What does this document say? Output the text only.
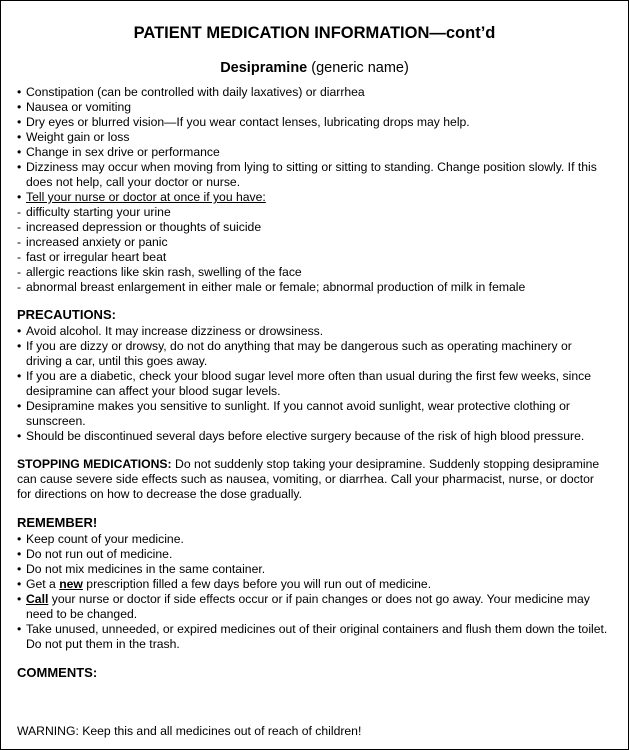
PATIENT MEDICATION INFORMATION—cont’d
Desipramine (generic name)
• Constipation (can be controlled with daily laxatives) or diarrhea
• Nausea or vomiting
• Dry eyes or blurred vision—If you wear contact lenses, lubricating drops may help.
• Weight gain or loss
• Change in sex drive or performance
• Dizziness may occur when moving from lying to sitting or sitting to standing. Change position slowly. If this
does not help, call your doctor or nurse.
• Tell your nurse or doctor at once if you have:
- difficulty starting your urine
- increased depression or thoughts of suicide
- increased anxiety or panic
- fast or irregular heart beat
- allergic reactions like skin rash, swelling of the face
- abnormal breast enlargement in either male or female; abnormal production of milk in female
PRECAUTIONS:
• Avoid alcohol. It may increase dizziness or drowsiness.
• If you are dizzy or drowsy, do not do anything that may be dangerous such as operating machinery or
driving a car, until this goes away.
• If you are a diabetic, check your blood sugar level more often than usual during the first few weeks, since
desipramine can affect your blood sugar levels.
• Desipramine makes you sensitive to sunlight. If you cannot avoid sunlight, wear protective clothing or
sunscreen.
• Should be discontinued several days before elective surgery because of the risk of high blood pressure.
STOPPING MEDICATIONS: Do not suddenly stop taking your desipramine. Suddenly stopping desipramine
can cause severe side effects such as nausea, vomiting, or diarrhea. Call your pharmacist, nurse, or doctor
for directions on how to decrease the dose gradually.
REMEMBER!
• Keep count of your medicine.
• Do not run out of medicine.
• Do not mix medicines in the same container.
• Get a new prescription filled a few days before you will run out of medicine.
• Call your nurse or doctor if side effects occur or if pain changes or does not go away. Your medicine may
need to be changed.
• Take unused, unneeded, or expired medicines out of their original containers and flush them down the toilet.
Do not put them in the trash.
COMMENTS:
WARNING: Keep this and all medicines out of reach of children!
